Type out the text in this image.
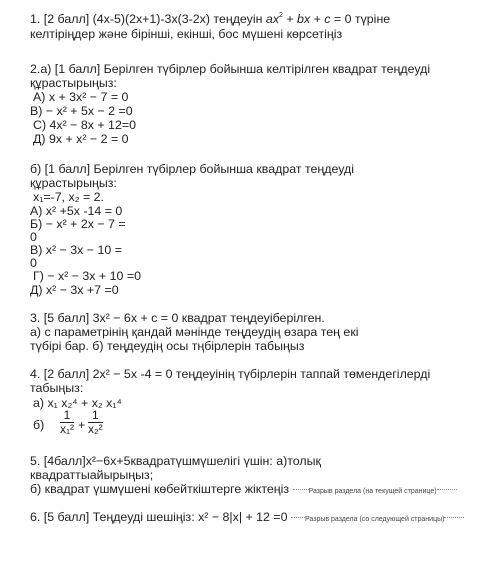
1. [2 балл] (4x-5)(2x+1)-3x(3-2x) теңдеуін $ax^2$ + bx + c = 0 түріне
келтіріңдер және бірінші, екінші, бос мүшені көрсетіңіз
2.а) [1 балл] Берілген түбірлер бойынша келтірілген квадрат теңдеуді
құрастырыңыз:
А) x + 3x² − 7 = 0
В) − x² + 5x − 2 =0
С) 4x² − 8x + 12=0
Д) 9x + x² − 2 = 0
б) [1 балл] Берілген түбірлер бойынша квадрат теңдеуді
құрастырыңыз:
x₁=-7, x₂ = 2.
А) x² +5x -14 = 0
Б) − x² + 2x − 7 =
0
В) x² − 3x − 10 =
0
Г) − x² − 3x + 10 =0
Д) x² − 3x +7 =0
3. [5 балл] 3x² − 6x + c = 0 квадрат теңдеуіберілген.
а) с параметрінің қандай мәнінде теңдеудің өзара тең екі
түбірі бар. б) теңдеудің осы тңбірлерін табыңыз
4. [2 балл] 2x² − 5x -4 = 0 теңдеуінің түбірлерін таппай төмендегілерді
табыңыз:
а) x₁ x₂⁴ + x₂ x₁⁴
$б) \frac{1}{\text{x₁²}} + \frac{1}{\text{x₂²}}$
5. [4балл]x²−6x+5квадратүшмүшелігі үшін: а)толық
квадраттыайырыңыз;
б) квадрат үшмүшені көбейткіштерге жіктеңіз	Разрыв раздела (на текущей странице)
6. [5 балл] Теңдеуді шешіңіз: x² − 8|x| + 12 =0 Разрыв раздела (со следующей страницы)
